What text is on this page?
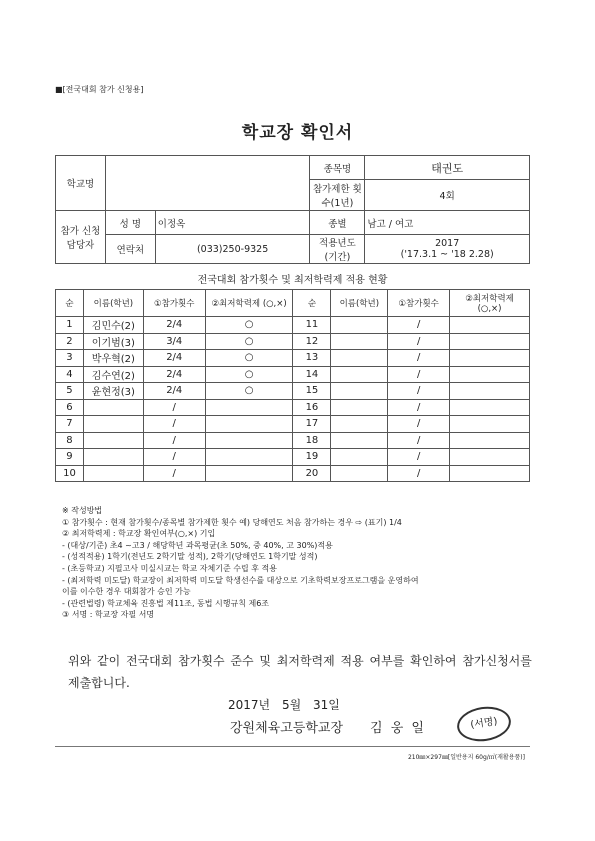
■[전국대회 참가 신청용]
학교장 확인서
학교명			종목명	태권도
			참가제한 횟수(1년)	4회
참가 신청 담당자	성 명	이정옥	종별	남고 / 여고
	연락처	(033)250-9325	적용년도 (기간)	2017
('17.3.1 ~ '18 2.28)
전국대회 참가횟수 및 최저학력제 적용 현황
순	이름(학년)	①참가횟수	②최저학력제 (○,×)	순	이름(학년)	①참가횟수	②최저학력제 (○,×)
1	김민수(2)	2/4	○	11		/	
2	이기범(3)	3/4	○	12		/	
3	박우혁(2)	2/4	○	13		/	
4	김수연(2)	2/4	○	14		/	
5	윤현정(3)	2/4	○	15		/	
6		/		16		/	
7		/		17		/	
8		/		18		/	
9		/		19		/	
10		/		20		/	
※ 작성방법
① 참가횟수 : 현재 참가횟수/종목별 참가제한 횟수 예) 당해연도 처음 참가하는 경우 ⇨ (표기) 1/4
② 최저학력제 : 학교장 확인여부(○,×) 기입
- (대상/기준) 초4 ~고3 / 해당학년 과목평균(초 50%, 중 40%, 고 30%)적용
- (성적적용) 1학기(전년도 2학기말 성적), 2학기(당해연도 1학기말 성적)
- (초등학교) 지필고사 미실시교는 학교 자체기준 수립 후 적용
- (최저학력 미도달) 학교장이 최저학력 미도달 학생선수를 대상으로 기초학력보장프로그램을 운영하여
이를 이수한 경우 대회참가 승인 가능
- (관련법령) 학교체육 진흥법 제11조, 동법 시행규칙 제6조
③ 서명 : 학교장 자필 서명
위와 같이 전국대회 참가횟수 준수 및 최저학력제 적용 여부를 확인하여 참가신청서를 제출합니다.
2017년 5월 31일
강원체육고등학교장 김 웅 일	(서명)
210㎜×297㎜[일반용지 60g/㎡(재활용품)]
